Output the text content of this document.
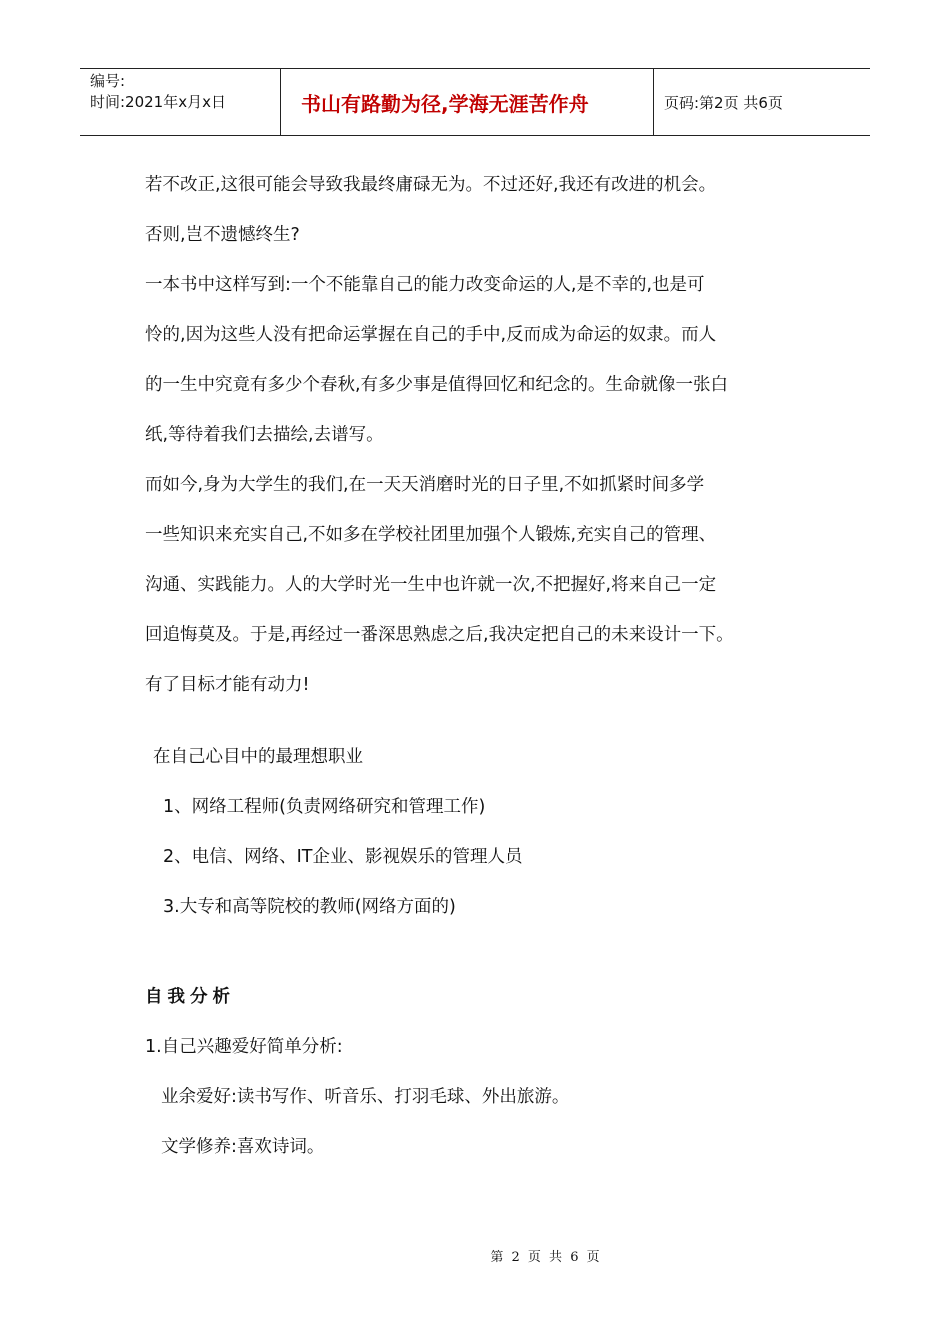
编号:
时间:2021年x月x日	书山有路勤为径,学海无涯苦作舟	页码:第2页 共6页
若不改正,这很可能会导致我最终庸碌无为。不过还好,我还有改进的机会。
否则,岂不遗憾终生?
一本书中这样写到:一个不能靠自己的能力改变命运的人,是不幸的,也是可
怜的,因为这些人没有把命运掌握在自己的手中,反而成为命运的奴隶。而人
的一生中究竟有多少个春秋,有多少事是值得回忆和纪念的。生命就像一张白
纸,等待着我们去描绘,去谱写。
而如今,身为大学生的我们,在一天天消磨时光的日子里,不如抓紧时间多学
一些知识来充实自己,不如多在学校社团里加强个人锻炼,充实自己的管理、
沟通、实践能力。人的大学时光一生中也许就一次,不把握好,将来自己一定
回追悔莫及。于是,再经过一番深思熟虑之后,我决定把自己的未来设计一下。
有了目标才能有动力!
在自己心目中的最理想职业
1、网络工程师(负责网络研究和管理工作)
2、电信、网络、IT企业、影视娱乐的管理人员
3.大专和高等院校的教师(网络方面的)
自我分析
1.自己兴趣爱好简单分析:
业余爱好:读书写作、听音乐、打羽毛球、外出旅游。
文学修养:喜欢诗词。
第 2 页 共 6 页
